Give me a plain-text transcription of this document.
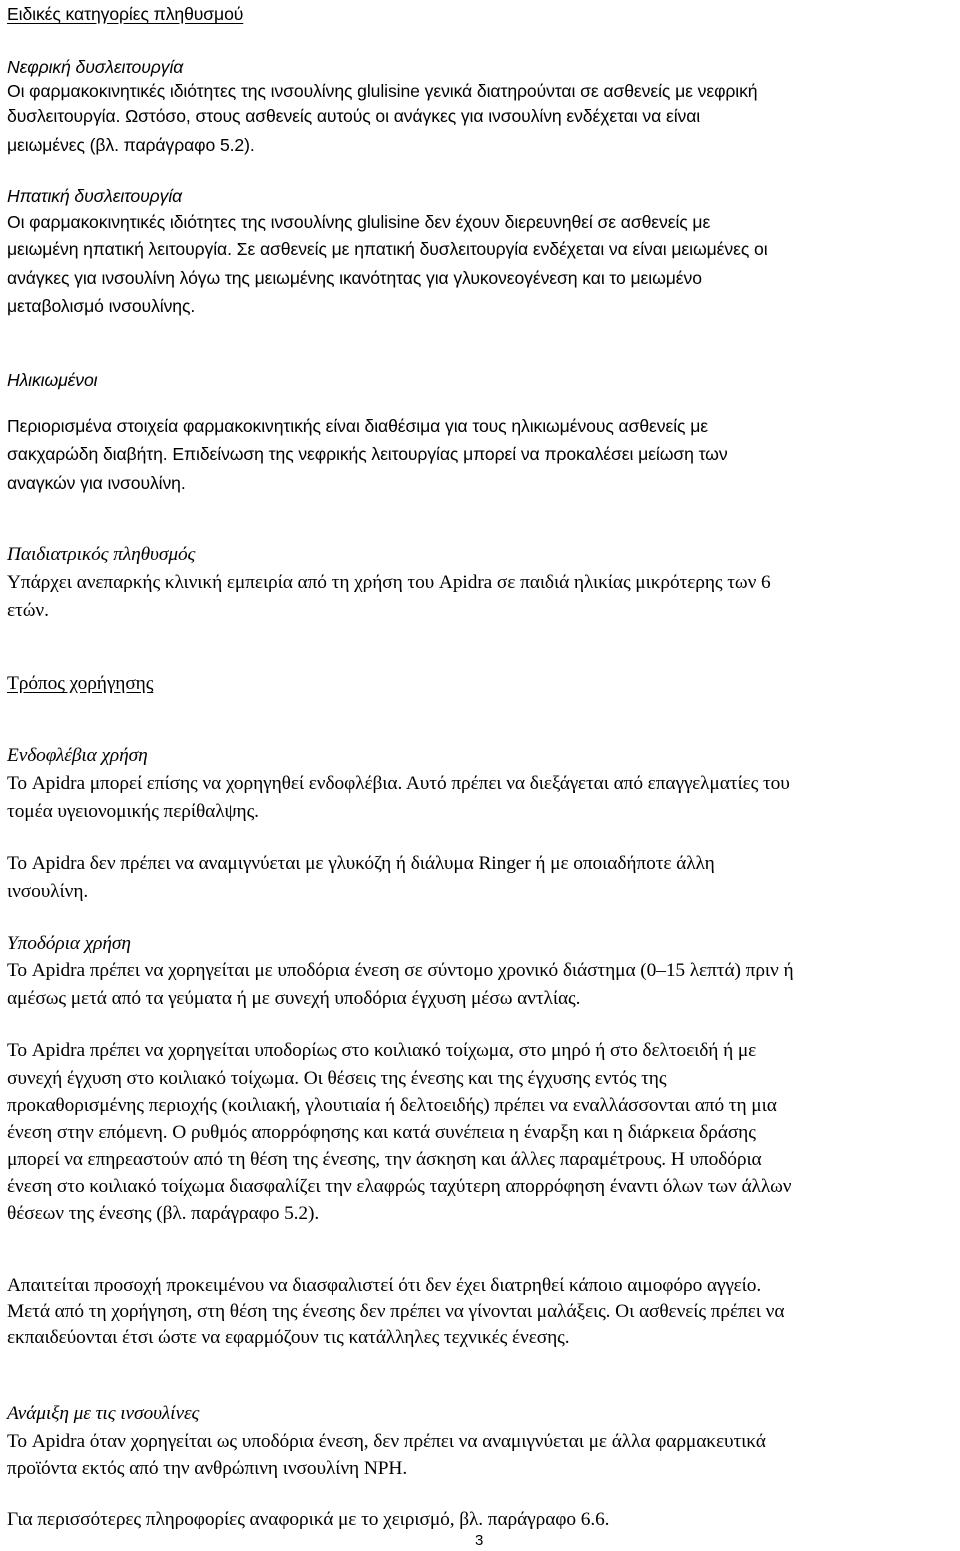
Ειδικές κατηγορίες πληθυσμού
Νεφρική δυσλειτουργία
Οι φαρμακοκινητικές ιδιότητες της ινσουλίνης glulisine γενικά διατηρούνται σε ασθενείς με νεφρική
δυσλειτουργία. Ωστόσο, στους ασθενείς αυτούς οι ανάγκες για ινσουλίνη ενδέχεται να είναι
μειωμένες (βλ. παράγραφο 5.2).
Ηπατική δυσλειτουργία
Οι φαρμακοκινητικές ιδιότητες της ινσουλίνης glulisine δεν έχουν διερευνηθεί σε ασθενείς με
μειωμένη ηπατική λειτουργία. Σε ασθενείς με ηπατική δυσλειτουργία ενδέχεται να είναι μειωμένες οι
ανάγκες για ινσουλίνη λόγω της μειωμένης ικανότητας για γλυκονεογένεση και το μειωμένο
μεταβολισμό ινσουλίνης.
Ηλικιωμένοι
Περιορισμένα στοιχεία φαρμακοκινητικής είναι διαθέσιμα για τους ηλικιωμένους ασθενείς με
σακχαρώδη διαβήτη. Επιδείνωση της νεφρικής λειτουργίας μπορεί να προκαλέσει μείωση των
αναγκών για ινσουλίνη.
Παιδιατρικός πληθυσμός
Υπάρχει ανεπαρκής κλινική εμπειρία από τη χρήση του Apidra σε παιδιά ηλικίας μικρότερης των 6
ετών.
Τρόπος χορήγησης
Ενδοφλέβια χρήση
Το Apidra μπορεί επίσης να χορηγηθεί ενδοφλέβια. Αυτό πρέπει να διεξάγεται από επαγγελματίες του
τομέα υγειονομικής περίθαλψης.
Το Apidra δεν πρέπει να αναμιγνύεται με γλυκόζη ή διάλυμα Ringer ή με οποιαδήποτε άλλη
ινσουλίνη.
Υποδόρια χρήση
Το Apidra πρέπει να χορηγείται με υποδόρια ένεση σε σύντομο χρονικό διάστημα (0–15 λεπτά) πριν ή
αμέσως μετά από τα γεύματα ή με συνεχή υποδόρια έγχυση μέσω αντλίας.
Το Apidra πρέπει να χορηγείται υποδορίως στο κοιλιακό τοίχωμα, στο μηρό ή στο δελτοειδή ή με
συνεχή έγχυση στο κοιλιακό τοίχωμα. Οι θέσεις της ένεσης και της έγχυσης εντός της
προκαθορισμένης περιοχής (κοιλιακή, γλουτιαία ή δελτοειδής) πρέπει να εναλλάσσονται από τη μια
ένεση στην επόμενη. Ο ρυθμός απορρόφησης και κατά συνέπεια η έναρξη και η διάρκεια δράσης
μπορεί να επηρεαστούν από τη θέση της ένεσης, την άσκηση και άλλες παραμέτρους. Η υποδόρια
ένεση στο κοιλιακό τοίχωμα διασφαλίζει την ελαφρώς ταχύτερη απορρόφηση έναντι όλων των άλλων
θέσεων της ένεσης (βλ. παράγραφο 5.2).
Απαιτείται προσοχή προκειμένου να διασφαλιστεί ότι δεν έχει διατρηθεί κάποιο αιμοφόρο αγγείο.
Μετά από τη χορήγηση, στη θέση της ένεσης δεν πρέπει να γίνονται μαλάξεις. Οι ασθενείς πρέπει να
εκπαιδεύονται έτσι ώστε να εφαρμόζουν τις κατάλληλες τεχνικές ένεσης.
Ανάμιξη με τις ινσουλίνες
Το Apidra όταν χορηγείται ως υποδόρια ένεση, δεν πρέπει να αναμιγνύεται με άλλα φαρμακευτικά
προϊόντα εκτός από την ανθρώπινη ινσουλίνη NPH.
Για περισσότερες πληροφορίες αναφορικά με το χειρισμό, βλ. παράγραφο 6.6.
3
